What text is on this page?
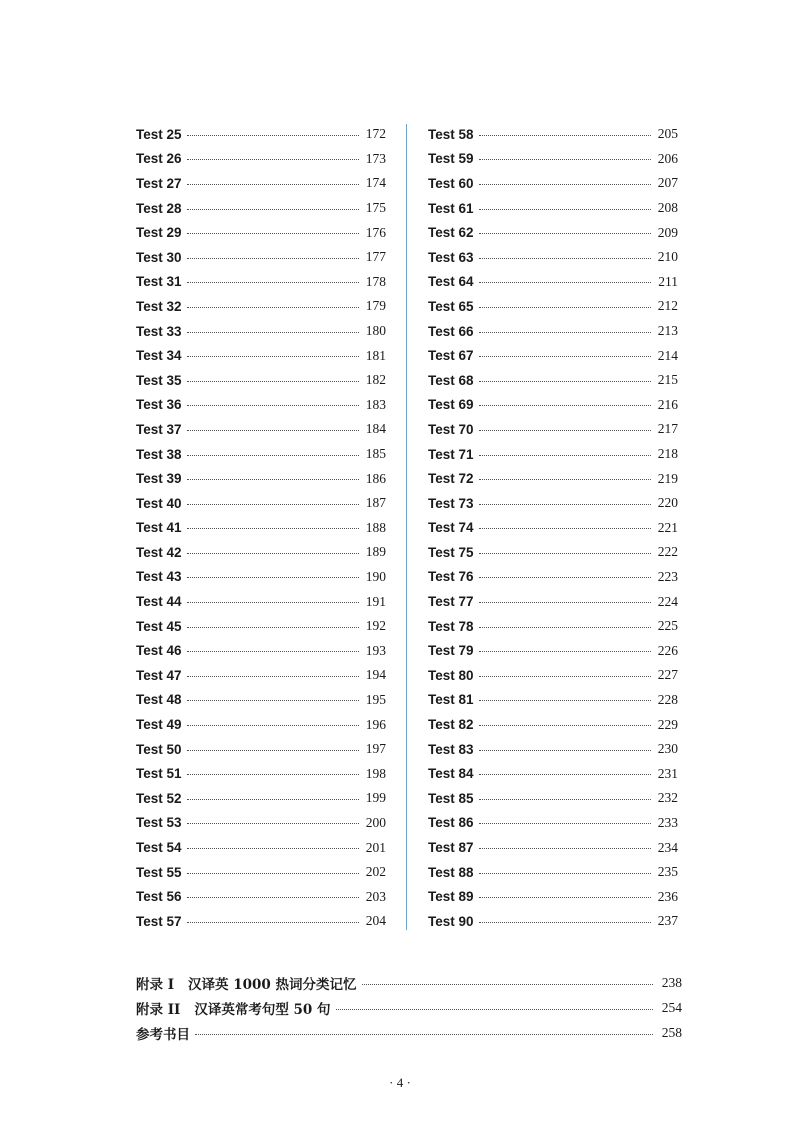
Test 25	172
Test 26	173
Test 27	174
Test 28	175
Test 29	176
Test 30	177
Test 31	178
Test 32	179
Test 33	180
Test 34	181
Test 35	182
Test 36	183
Test 37	184
Test 38	185
Test 39	186
Test 40	187
Test 41	188
Test 42	189
Test 43	190
Test 44	191
Test 45	192
Test 46	193
Test 47	194
Test 48	195
Test 49	196
Test 50	197
Test 51	198
Test 52	199
Test 53	200
Test 54	201
Test 55	202
Test 56	203
Test 57	204
Test 58	205
Test 59	206
Test 60	207
Test 61	208
Test 62	209
Test 63	210
Test 64	211
Test 65	212
Test 66	213
Test 67	214
Test 68	215
Test 69	216
Test 70	217
Test 71	218
Test 72	219
Test 73	220
Test 74	221
Test 75	222
Test 76	223
Test 77	224
Test 78	225
Test 79	226
Test 80	227
Test 81	228
Test 82	229
Test 83	230
Test 84	231
Test 85	232
Test 86	233
Test 87	234
Test 88	235
Test 89	236
Test 90	237
附录 I 汉译英 1000 热词分类记忆	238
附录 II 汉译英常考句型 50 句	254
参考书目	258
· 4 ·
